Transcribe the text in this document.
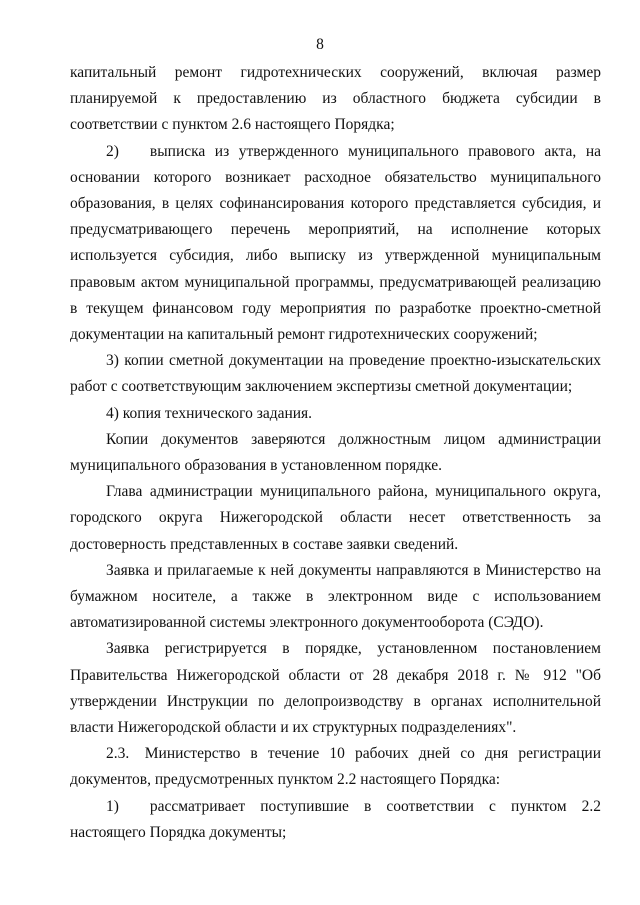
8

капитальный ремонт гидротехнических сооружений, включая размер планируемой к предоставлению из областного бюджета субсидии в соответствии с пунктом 2.6 настоящего Порядка;

2)  выписка из утвержденного муниципального правового акта, на основании которого возникает расходное обязательство муниципального образования, в целях софинансирования которого представляется субсидия, и предусматривающего перечень мероприятий, на исполнение которых используется субсидия, либо выписку из утвержденной муниципальным правовым актом муниципальной программы, предусматривающей реализацию в текущем финансовом году мероприятия по разработке проектно-сметной документации на капитальный ремонт гидротехнических сооружений;

3) копии сметной документации на проведение проектно-изыскательских работ с соответствующим заключением экспертизы сметной документации;

4) копия технического задания.

Копии документов заверяются должностным лицом администрации муниципального образования в установленном порядке.

Глава администрации муниципального района, муниципального округа, городского округа Нижегородской области несет ответственность за достоверность представленных в составе заявки сведений.

Заявка и прилагаемые к ней документы направляются в Министерство на бумажном носителе, а также в электронном виде с использованием автоматизированной системы электронного документооборота (СЭДО).

Заявка регистрируется в порядке, установленном постановлением Правительства Нижегородской области от 28 декабря 2018 г. № 912 "Об утверждении Инструкции по делопроизводству в органах исполнительной власти Нижегородской области и их структурных подразделениях".

2.3. Министерство в течение 10 рабочих дней со дня регистрации документов, предусмотренных пунктом 2.2 настоящего Порядка:

1)  рассматривает поступившие в соответствии с пунктом 2.2 настоящего Порядка документы;
